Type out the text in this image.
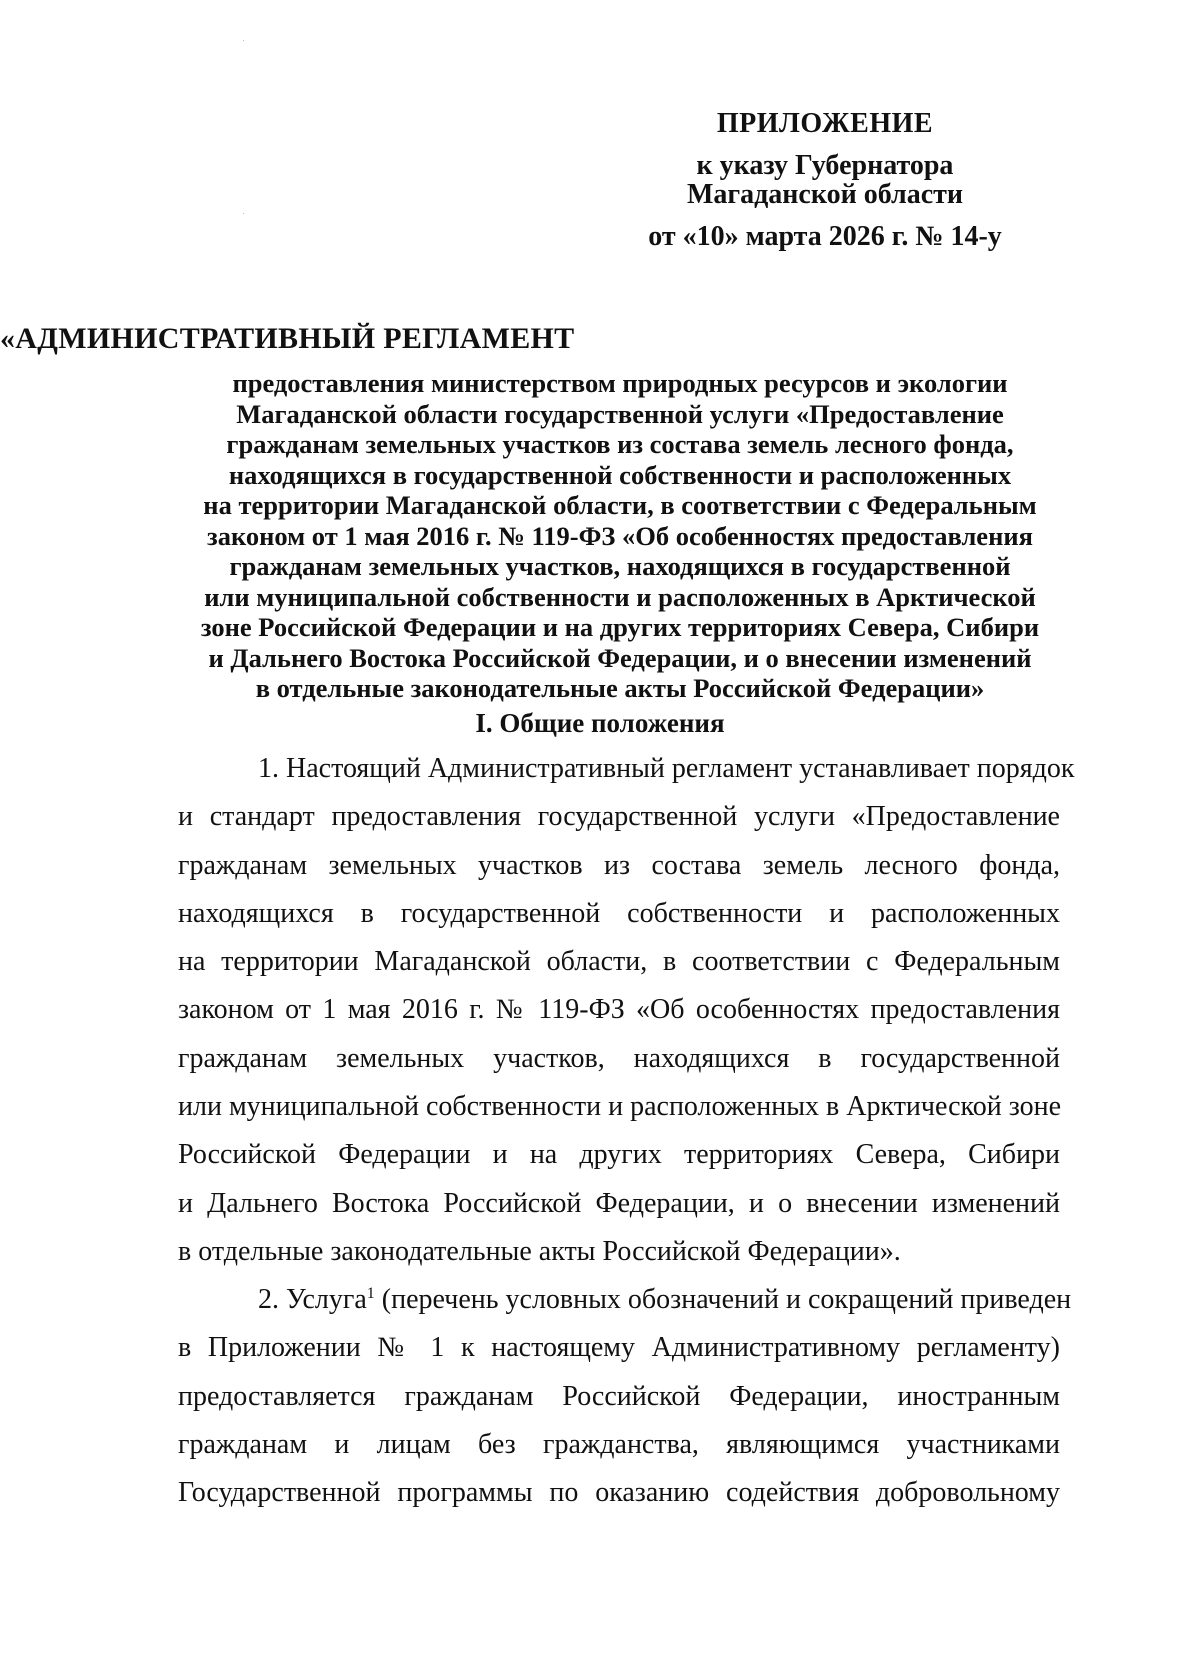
ПРИЛОЖЕНИЕ

к указу Губернатора

Магаданской области

от «10» марта 2026 г. № 14-у

«АДМИНИСТРАТИВНЫЙ РЕГЛАМЕНТ
предоставления министерством природных ресурсов и экологии
Магаданской области государственной услуги «Предоставление
гражданам земельных участков из состава земель лесного фонда,
находящихся в государственной собственности и расположенных
на территории Магаданской области, в соответствии с Федеральным
законом от 1 мая 2016 г. № 119-ФЗ «Об особенностях предоставления
гражданам земельных участков, находящихся в государственной
или муниципальной собственности и расположенных в Арктической
зоне Российской Федерации и на других территориях Севера, Сибири
и Дальнего Востока Российской Федерации, и о внесении изменений
в отдельные законодательные акты Российской Федерации»
I. Общие положения
1. Настоящий Административный регламент устанавливает порядок
и стандарт предоставления государственной услуги «Предоставление
гражданам земельных участков из состава земель лесного фонда,
находящихся в государственной собственности и расположенных
на территории Магаданской области, в соответствии с Федеральным
законом от 1 мая 2016 г. № 119-ФЗ «Об особенностях предоставления
гражданам земельных участков, находящихся в государственной
или муниципальной собственности и расположенных в Арктической зоне
Российской Федерации и на других территориях Севера, Сибири
и Дальнего Востока Российской Федерации, и о внесении изменений
в отдельные законодательные акты Российской Федерации».
2. Услуга$^1$ (перечень условных обозначений и сокращений приведен
в Приложении № 1 к настоящему Административному регламенту)
предоставляется гражданам Российской Федерации, иностранным
гражданам и лицам без гражданства, являющимся участниками
Государственной программы по оказанию содействия добровольному
